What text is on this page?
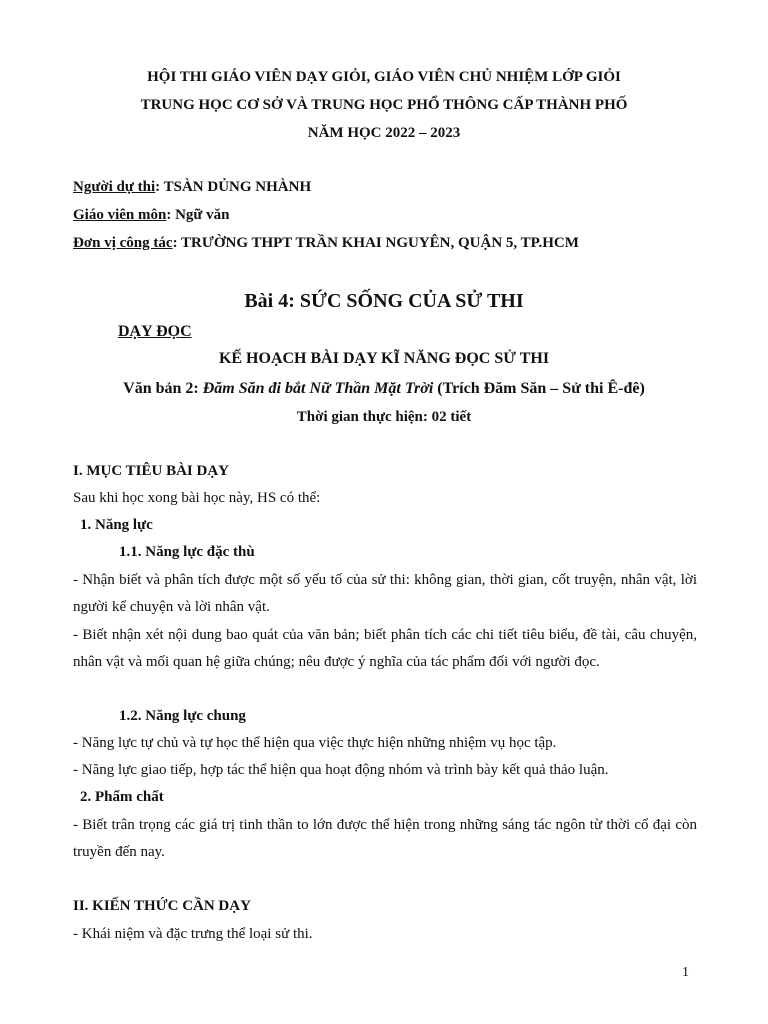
HỘI THI GIÁO VIÊN DẠY GIỎI, GIÁO VIÊN CHỦ NHIỆM LỚP GIỎI
TRUNG HỌC CƠ SỞ VÀ TRUNG HỌC PHỔ THÔNG CẤP THÀNH PHỐ
NĂM HỌC 2022 – 2023
Người dự thi: TSÀN DỦNG NHÀNH
Giáo viên môn: Ngữ văn
Đơn vị công tác: TRƯỜNG THPT TRẦN KHAI NGUYÊN, QUẬN 5, TP.HCM
Bài 4: SỨC SỐNG CỦA SỬ THI
DẠY ĐỌC
KẾ HOẠCH BÀI DẠY KĨ NĂNG ĐỌC SỬ THI
Văn bản 2: Đăm Săn đi bắt Nữ Thần Mặt Trời (Trích Đăm Săn – Sử thi Ê-đê)
Thời gian thực hiện: 02 tiết
I. MỤC TIÊU BÀI DẠY
Sau khi học xong bài học này, HS có thể:
1. Năng lực
1.1. Năng lực đặc thù
- Nhận biết và phân tích được một số yếu tố của sử thi: không gian, thời gian, cốt truyện, nhân vật, lời người kể chuyện và lời nhân vật.
- Biết nhận xét nội dung bao quát của văn bản; biết phân tích các chi tiết tiêu biểu, đề tài, câu chuyện, nhân vật và mối quan hệ giữa chúng; nêu được ý nghĩa của tác phẩm đối với người đọc.
1.2. Năng lực chung
- Năng lực tự chủ và tự học thể hiện qua việc thực hiện những nhiệm vụ học tập.
- Năng lực giao tiếp, hợp tác thể hiện qua hoạt động nhóm và trình bày kết quả thảo luận.
2. Phẩm chất
- Biết trân trọng các giá trị tinh thần to lớn được thể hiện trong những sáng tác ngôn từ thời cổ đại còn truyền đến nay.
II. KIẾN THỨC CẦN DẠY
- Khái niệm và đặc trưng thể loại sử thi.
1
